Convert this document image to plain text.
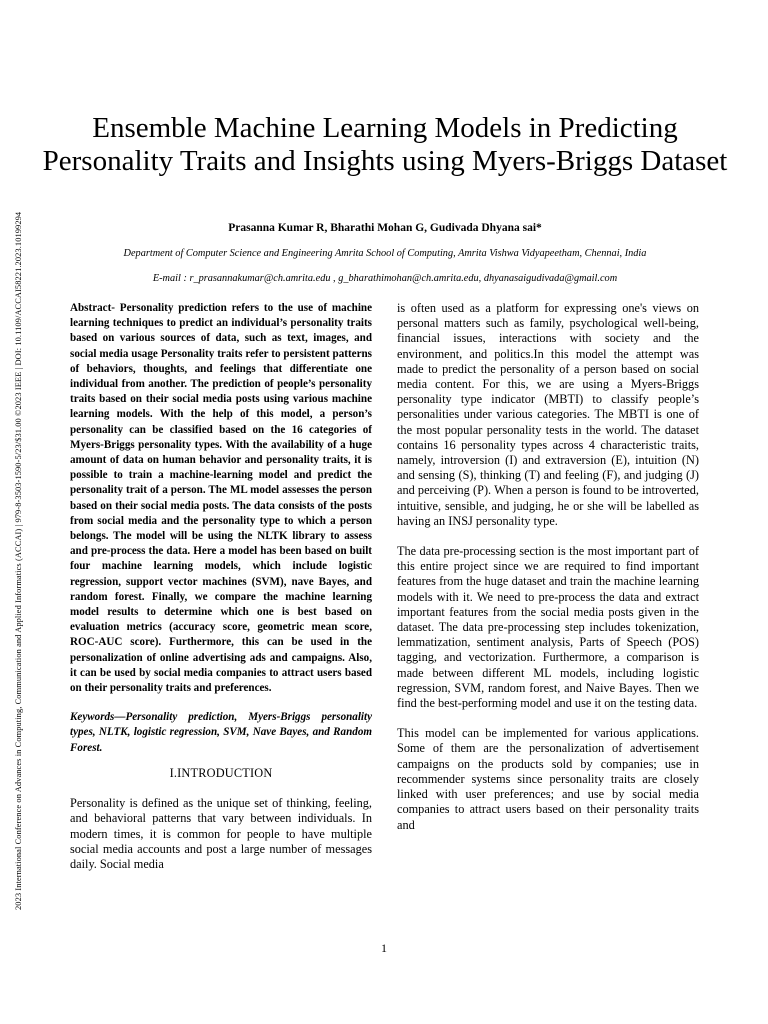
2023 International Conference on Advances in Computing, Communication and Applied Informatics (ACCAI) | 979-8-3503-1590-5/23/$31.00 ©2023 IEEE | DOI: 10.1109/ACCAI58221.2023.10199294
Ensemble Machine Learning Models in Predicting Personality Traits and Insights using Myers-Briggs Dataset
Prasanna Kumar R, Bharathi Mohan G, Gudivada Dhyana sai*
Department of Computer Science and Engineering Amrita School of Computing, Amrita Vishwa Vidyapeetham, Chennai, India
E-mail : r_prasannakumar@ch.amrita.edu , g_bharathimohan@ch.amrita.edu, dhyanasaigudivada@gmail.com

Abstract- Personality prediction refers to the use of machine learning techniques to predict an individual’s personality traits based on various sources of data, such as text, images, and social media usage Personality traits refer to persistent patterns of behaviors, thoughts, and feelings that differentiate one individual from another. The prediction of people’s personality traits based on their social media posts using various machine learning models. With the help of this model, a person’s personality can be classified based on the 16 categories of Myers-Briggs personality types. With the availability of a huge amount of data on human behavior and personality traits, it is possible to train a machine-learning model and predict the personality trait of a person. The ML model assesses the person based on their social media posts. The data consists of the posts from social media and the personality type to which a person belongs. The model will be using the NLTK library to assess and pre-process the data. Here a model has been based on built four machine learning models, which include logistic regression, support vector machines (SVM), nave Bayes, and random forest. Finally, we compare the machine learning model results to determine which one is best based on evaluation metrics (accuracy score, geometric mean score, ROC-AUC score). Furthermore, this can be used in the personalization of online advertising ads and campaigns. Also, it can be used by social media companies to attract users based on their personality traits and preferences.

Keywords—Personality prediction, Myers-Briggs personality types, NLTK, logistic regression, SVM, Nave Bayes, and Random Forest.

I.INTRODUCTION

Personality is defined as the unique set of thinking, feeling, and behavioral patterns that vary between individuals. In modern times, it is common for people to have multiple social media accounts and post a large number of messages daily. Social media

is often used as a platform for expressing one's views on personal matters such as family, psychological well-being, financial issues, interactions with society and the environment, and politics.In this model the attempt was made to predict the personality of a person based on social media content. For this, we are using a Myers-Briggs personality type indicator (MBTI) to classify people’s personalities under various categories. The MBTI is one of the most popular personality tests in the world. The dataset contains 16 personality types across 4 characteristic traits, namely, introversion (I) and extraversion (E), intuition (N) and sensing (S), thinking (T) and feeling (F), and judging (J) and perceiving (P). When a person is found to be introverted, intuitive, sensible, and judging, he or she will be labelled as having an INSJ personality type.

The data pre-processing section is the most important part of this entire project since we are required to find important features from the huge dataset and train the machine learning models with it. We need to pre-process the data and extract important features from the social media posts given in the dataset. The data pre-processing step includes tokenization, lemmatization, sentiment analysis, Parts of Speech (POS) tagging, and vectorization. Furthermore, a comparison is made between different ML models, including logistic regression, SVM, random forest, and Naive Bayes. Then we find the best-performing model and use it on the testing data.

This model can be implemented for various applications. Some of them are the personalization of advertisement campaigns on the products sold by companies; use in recommender systems since personality traits are closely linked with user preferences; and use by social media companies to attract users based on their personality traits and

1
